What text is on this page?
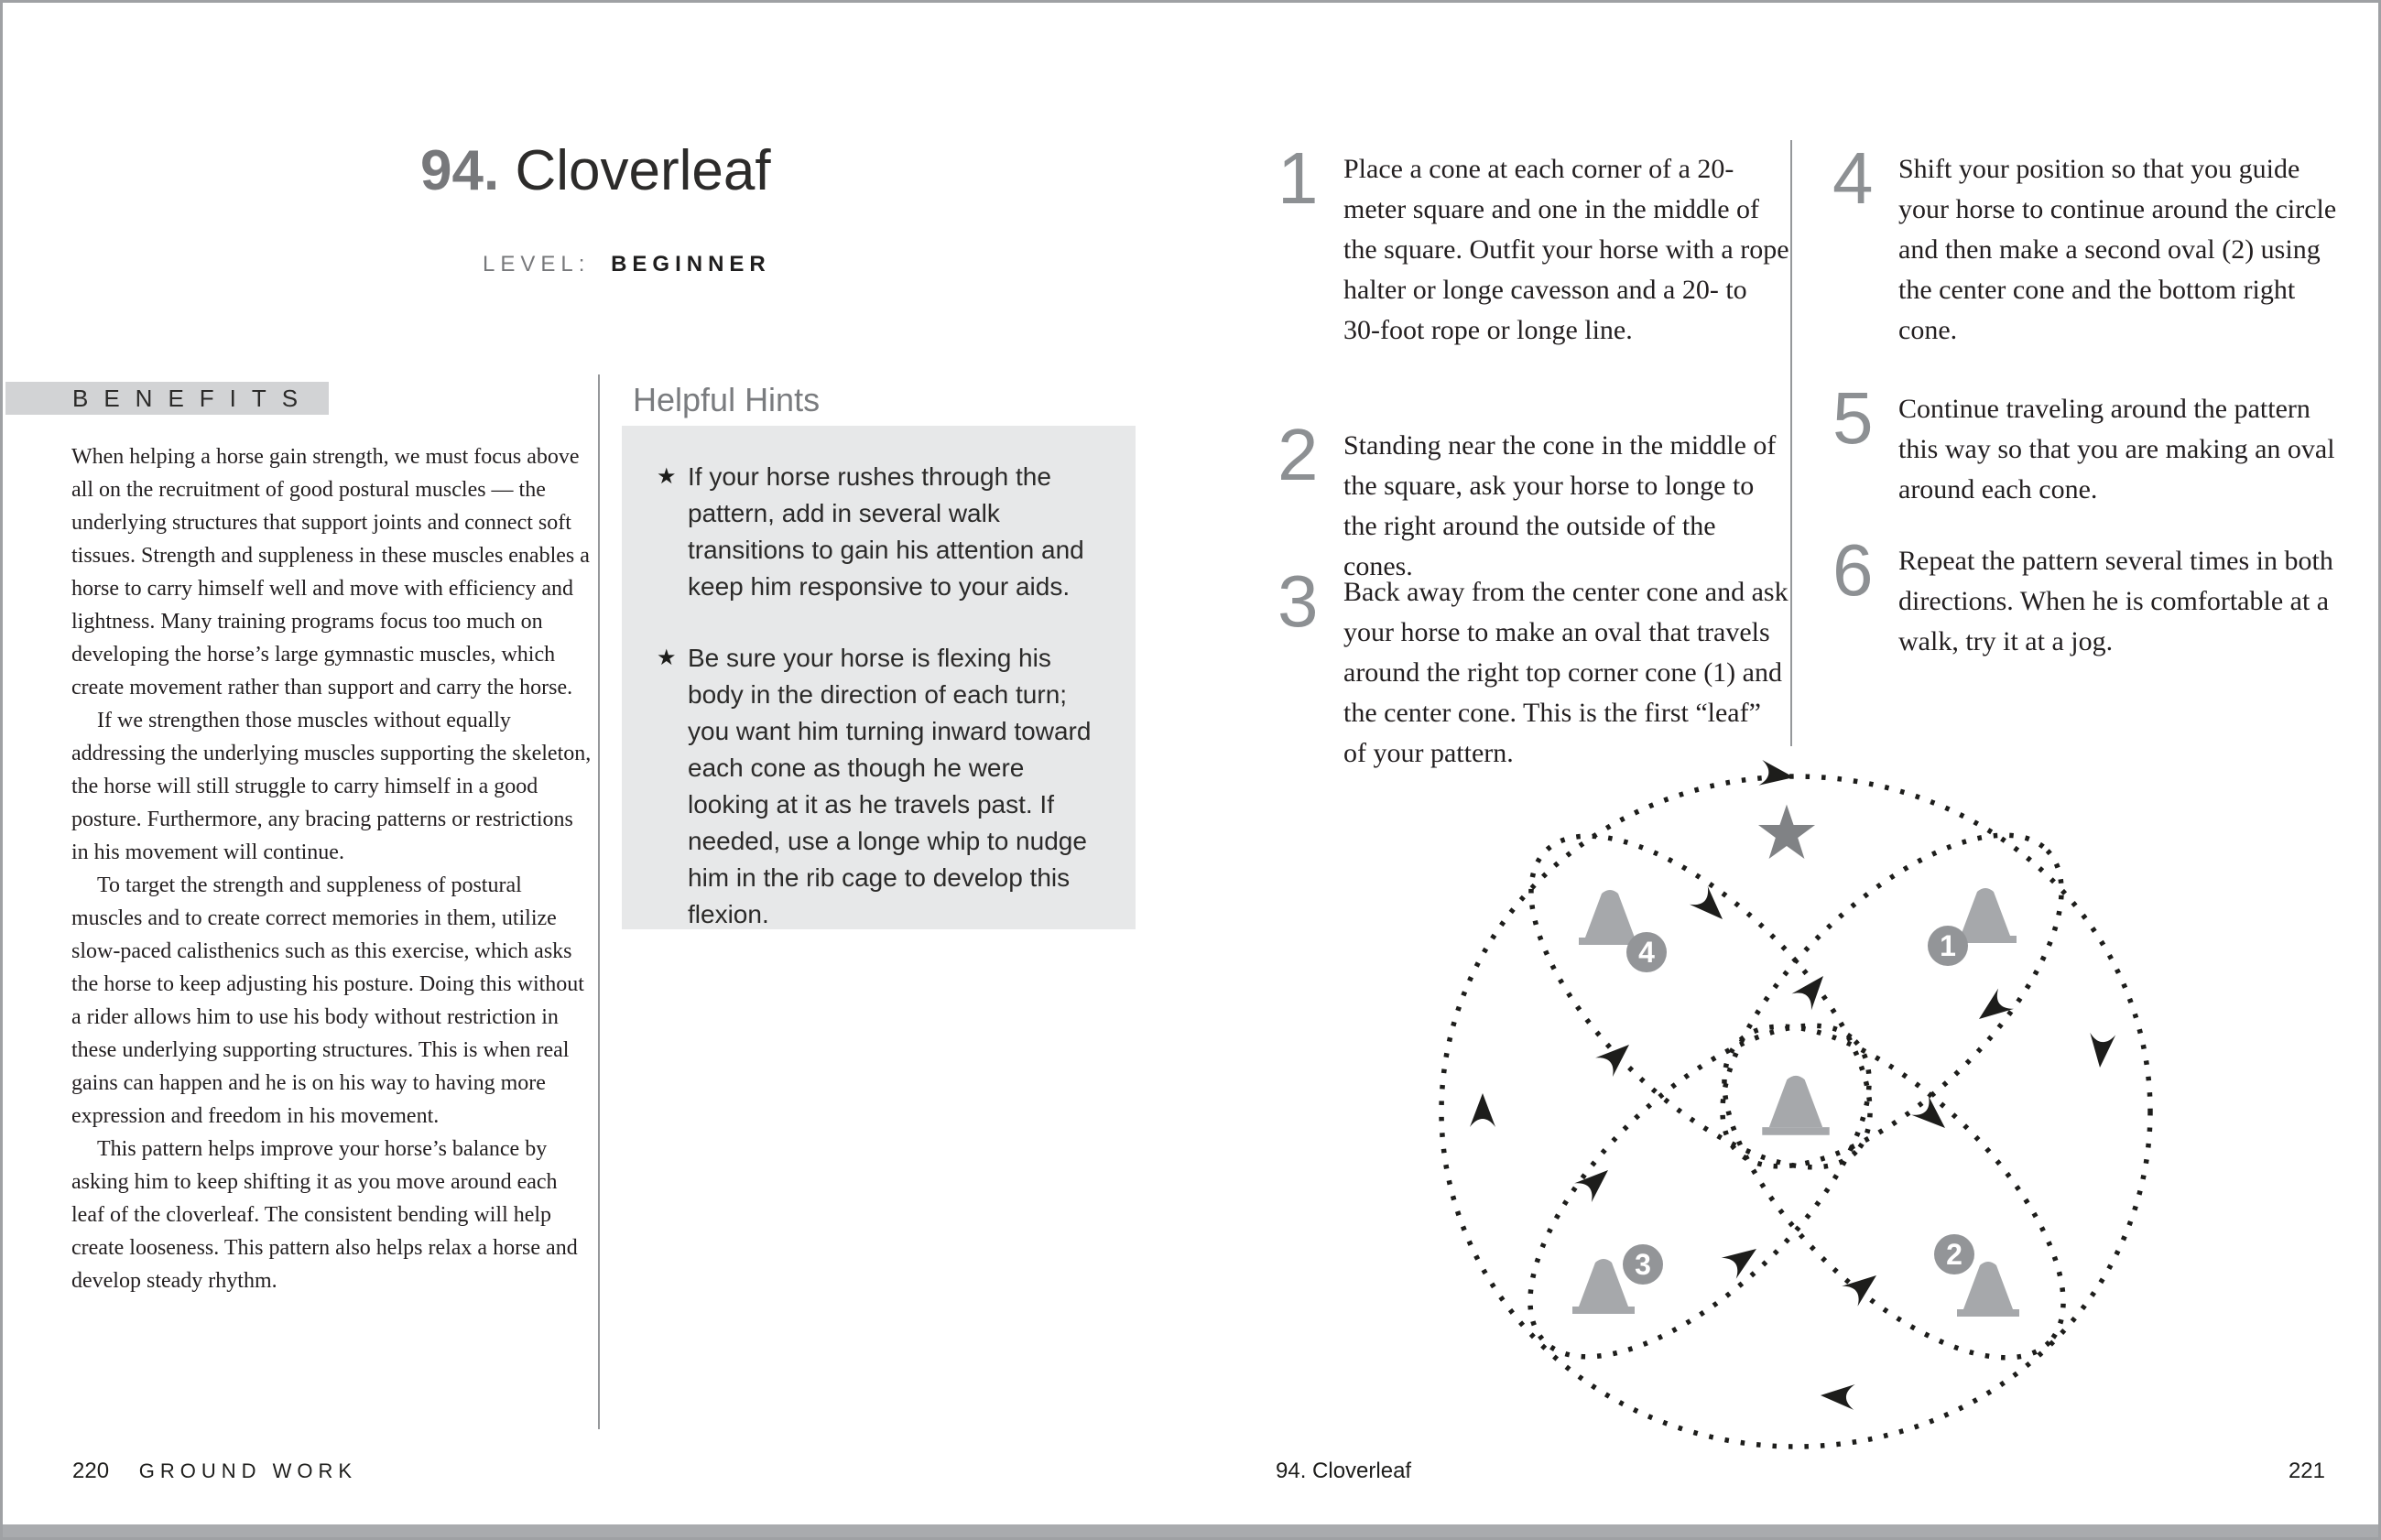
94. Cloverleaf
LEVEL: BEGINNER
BENEFITS

When helping a horse gain strength, we must focus above all on the recruitment of good postural muscles — the underlying structures that support joints and connect soft tissues. Strength and suppleness in these muscles enables a horse to carry himself well and move with efficiency and lightness. Many training programs focus too much on developing the horse’s large gymnastic muscles, which create movement rather than support and carry the horse.

If we strengthen those muscles without equally addressing the underlying muscles supporting the skeleton, the horse will still struggle to carry himself in a good posture. Furthermore, any bracing patterns or restrictions in his movement will continue.

To target the strength and suppleness of postural muscles and to create correct memories in them, utilize slow-paced calisthenics such as this exercise, which asks the horse to keep adjusting his posture. Doing this without a rider allows him to use his body without restriction in these underlying supporting structures. This is when real gains can happen and he is on his way to having more expression and freedom in his movement.

This pattern helps improve your horse’s balance by asking him to keep shifting it as you move around each leaf of the cloverleaf. The consistent bending will help create looseness. This pattern also helps relax a horse and develop steady rhythm.

Helpful Hints
★ If your horse rushes through the pattern, add in several walk transitions to gain his attention and keep him responsive to your aids.
★ Be sure your horse is flexing his body in the direction of each turn; you want him turning inward toward each cone as though he were looking at it as he travels past. If needed, use a longe whip to nudge him in the rib cage to develop this flexion.
1 Place a cone at each corner of a 20-meter square and one in the middle of the square. Outfit your horse with a rope halter or longe cavesson and a 20- to 30-foot rope or longe line.
2 Standing near the cone in the middle of the square, ask your horse to longe to the right around the outside of the cones.
3 Back away from the center cone and ask your horse to make an oval that travels around the right top corner cone (1) and the center cone. This is the first “leaf” of your pattern.
4 Shift your position so that you guide your horse to continue around the circle and then make a second oval (2) using the center cone and the bottom right cone.
5 Continue traveling around the pattern this way so that you are making an oval around each cone.
6 Repeat the pattern several times in both directions. When he is comfortable at a walk, try it at a jog.
1
4
3	2
220 GROUND WORK	94. Cloverleaf	221
